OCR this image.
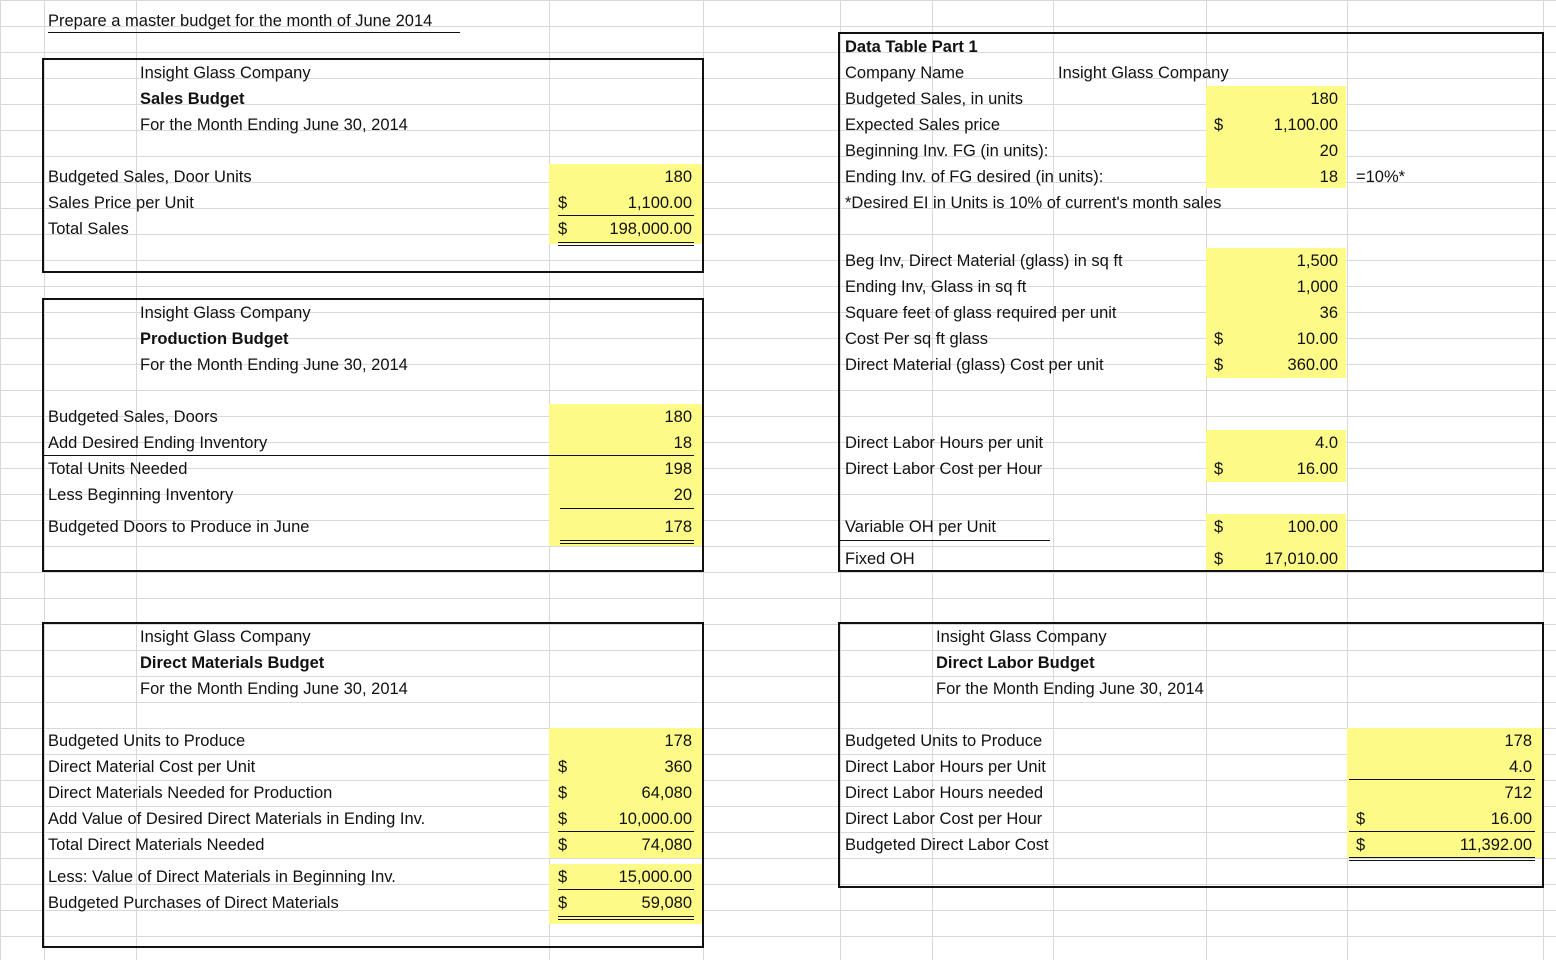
Prepare a master budget for the month of June 2014
Insight Glass Company
Sales Budget
For the Month Ending June 30, 2014
Budgeted Sales, Door Units	180
Sales Price per Unit	$	1,100.00
Total Sales	$	198,000.00
Insight Glass Company
Production Budget
For the Month Ending June 30, 2014
Budgeted Sales, Doors	180
Add Desired Ending Inventory	18
Total Units Needed	198
Less Beginning Inventory	20
Budgeted Doors to Produce in June	178
Insight Glass Company
Direct Materials Budget
For the Month Ending June 30, 2014
Budgeted Units to Produce	178
Direct Material Cost per Unit	$	360
Direct Materials Needed for Production	$	64,080
Add Value of Desired Direct Materials in Ending Inv.	$	10,000.00
Total Direct Materials Needed	$	74,080
Less: Value of Direct Materials in Beginning Inv.	$	15,000.00
Budgeted Purchases of Direct Materials	$	59,080
Data Table Part 1
Company Name	Insight Glass Company
Budgeted Sales, in units	180
Expected Sales price	$	1,100.00
Beginning Inv. FG (in units):	20
Ending Inv. of FG desired (in units):	18 =10%*
*Desired EI in Units is 10% of current's month sales
Beg Inv, Direct Material (glass) in sq ft	1,500
Ending Inv, Glass in sq ft	1,000
Square feet of glass required per unit	36
Cost Per sq ft glass	$	10.00
Direct Material (glass) Cost per unit	$	360.00
Direct Labor Hours per unit	4.0
Direct Labor Cost per Hour	$	16.00
Variable OH per Unit	$	100.00
Fixed OH	$	17,010.00
Insight Glass Company
Direct Labor Budget
For the Month Ending June 30, 2014
Budgeted Units to Produce	178
Direct Labor Hours per Unit	4.0
Direct Labor Hours needed	712
Direct Labor Cost per Hour	$	16.00
Budgeted Direct Labor Cost	$	11,392.00
